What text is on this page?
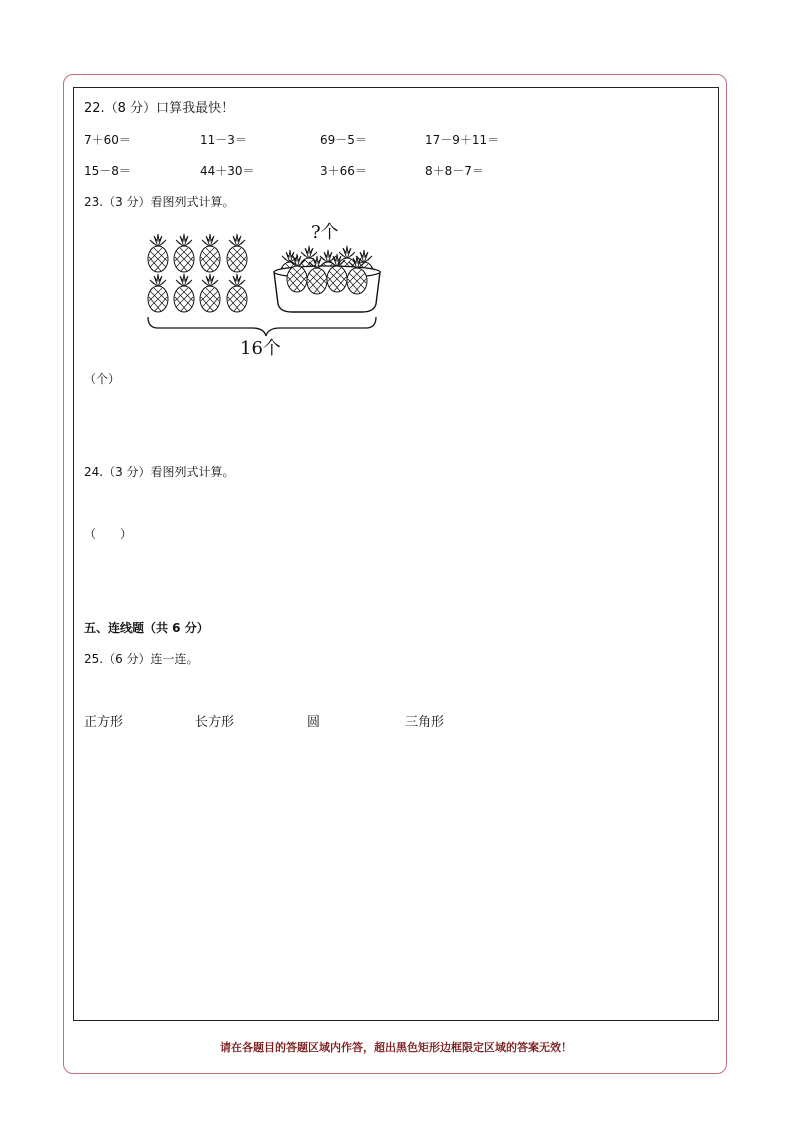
22.（8 分）口算我最快！
7＋60＝	11－3＝	69－5＝	17－9＋11＝
15－8＝	44＋30＝	3＋66＝	8＋8－7＝
23.（3 分）看图列式计算。
?个
16个
（个）
24.（3 分）看图列式计算。
（　　）
五、连线题（共 6 分）
25.（6 分）连一连。
正方形	长方形	圆	三角形
请在各题目的答题区域内作答，超出黑色矩形边框限定区域的答案无效！
